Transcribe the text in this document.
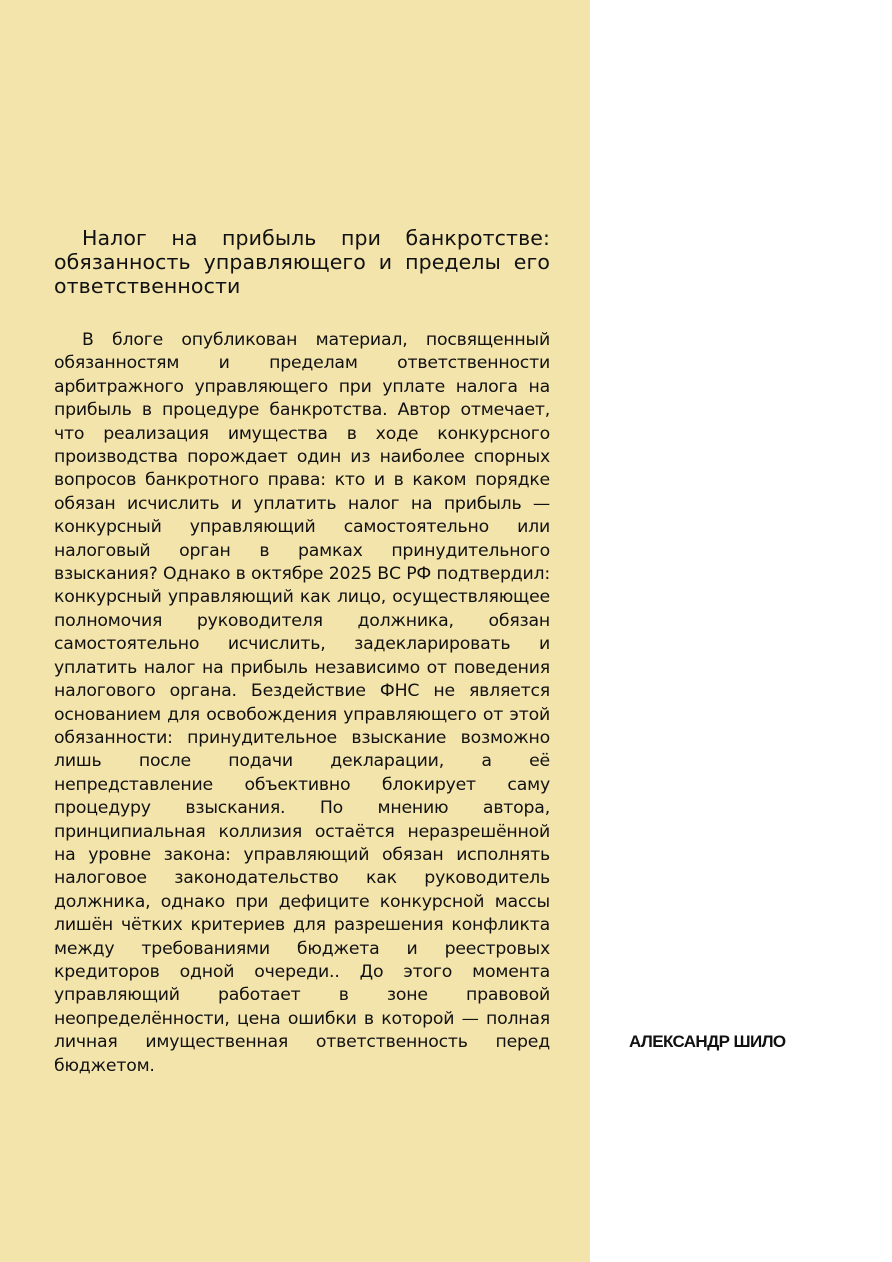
Налог на прибыль при банкротстве: обязанность управляющего и пределы его ответственности

В блоге опубликован материал, посвященный обязанностям и пределам ответственности арбитражного управляющего при уплате налога на прибыль в процедуре банкротства. Автор отмечает, что реализация имущества в ходе конкурсного производства порождает один из наиболее спорных вопросов банкротного права: кто и в каком порядке обязан исчислить и уплатить налог на прибыль — конкурсный управляющий самостоятельно или налоговый орган в рамках принудительного взыскания? Однако в октябре 2025 ВС РФ подтвердил: конкурсный управляющий как лицо, осуществляющее полномочия руководителя должника, обязан самостоятельно исчислить, задекларировать и уплатить налог на прибыль независимо от поведения налогового органа. Бездействие ФНС не является основанием для освобождения управляющего от этой обязанности: принудительное взыскание возможно лишь после подачи декларации, а её непредставление объективно блокирует саму процедуру взыскания. По мнению автора, принципиальная коллизия остаётся неразрешённой на уровне закона: управляющий обязан исполнять налоговое законодательство как руководитель должника, однако при дефиците конкурсной массы лишён чётких критериев для разрешения конфликта между требованиями бюджета и реестровых кредиторов одной очереди.. До этого момента управляющий работает в зоне правовой неопределённости, цена ошибки в которой — полная личная имущественная ответственность перед бюджетом.

АЛЕКСАНДР ШИЛО
